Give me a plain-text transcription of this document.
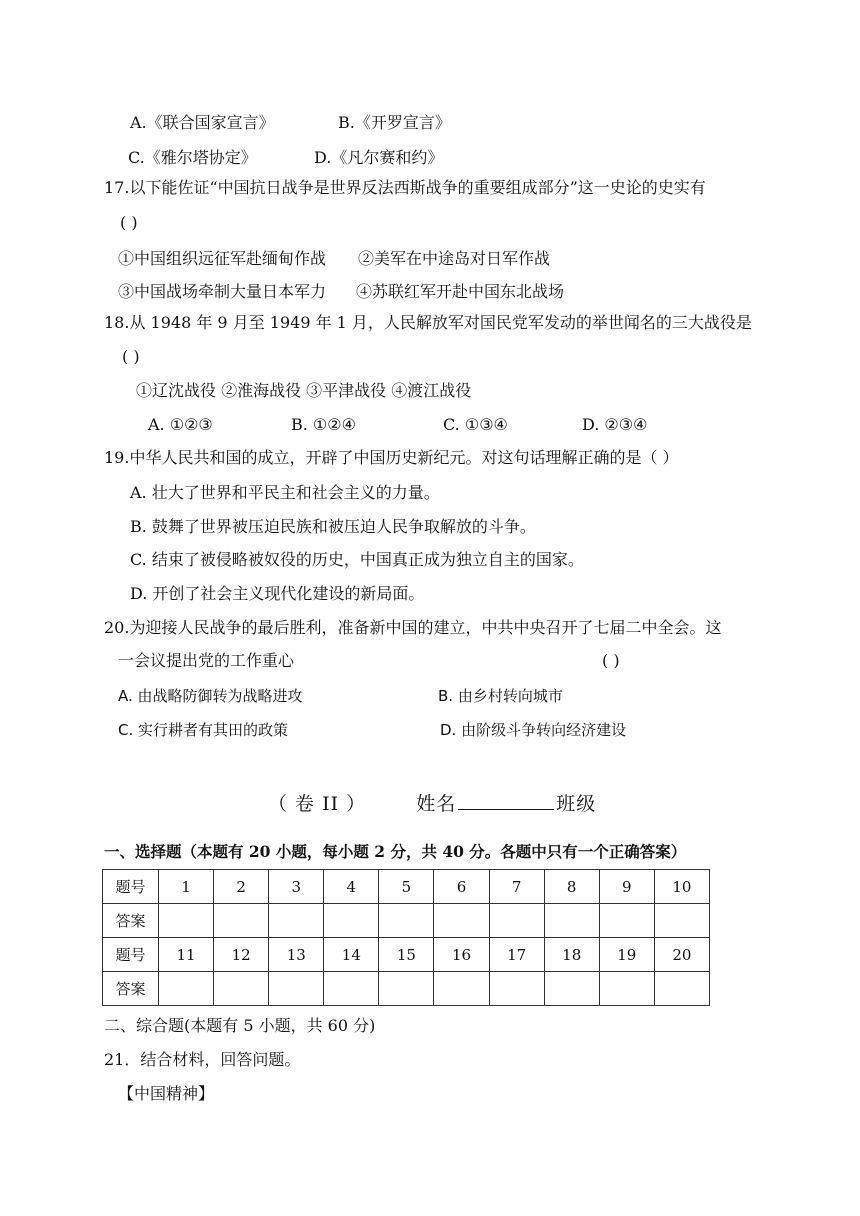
A.《联合国家宣言》	B.《开罗宣言》
C.《雅尔塔协定》	D.《凡尔赛和约》
17.以下能佐证“中国抗日战争是世界反法西斯战争的重要组成部分”这一史论的史实有
( )
①中国组织远征军赴缅甸作战 ②美军在中途岛对日军作战
③中国战场牵制大量日本军力 ④苏联红军开赴中国东北战场
18.从 1948 年 9 月至 1949 年 1 月，人民解放军对国民党军发动的举世闻名的三大战役是
( )
①辽沈战役 ②淮海战役 ③平津战役 ④渡江战役
A. ①②③	B. ①②④	C. ①③④	D. ②③④
19.中华人民共和国的成立，开辟了中国历史新纪元。对这句话理解正确的是（ ）
A. 壮大了世界和平民主和社会主义的力量。
B. 鼓舞了世界被压迫民族和被压迫人民争取解放的斗争。
C. 结束了被侵略被奴役的历史，中国真正成为独立自主的国家。
D. 开创了社会主义现代化建设的新局面。
20.为迎接人民战争的最后胜利，准备新中国的建立，中共中央召开了七届二中全会。这
一会议提出党的工作重心	( )
A. 由战略防御转为战略进攻	B. 由乡村转向城市
C. 实行耕者有其田的政策	D. 由阶级斗争转向经济建设
（ 卷 II ）	姓名	班级
一、选择题（本题有 20 小题，每小题 2 分，共 40 分。各题中只有一个正确答案）
题号	1	2	3	4	5	6	7	8	9	10
答案										
题号	11	12	13	14	15	16	17	18	19	20
答案										
二、综合题(本题有 5 小题，共 60 分)
21．结合材料，回答问题。
【中国精神】
